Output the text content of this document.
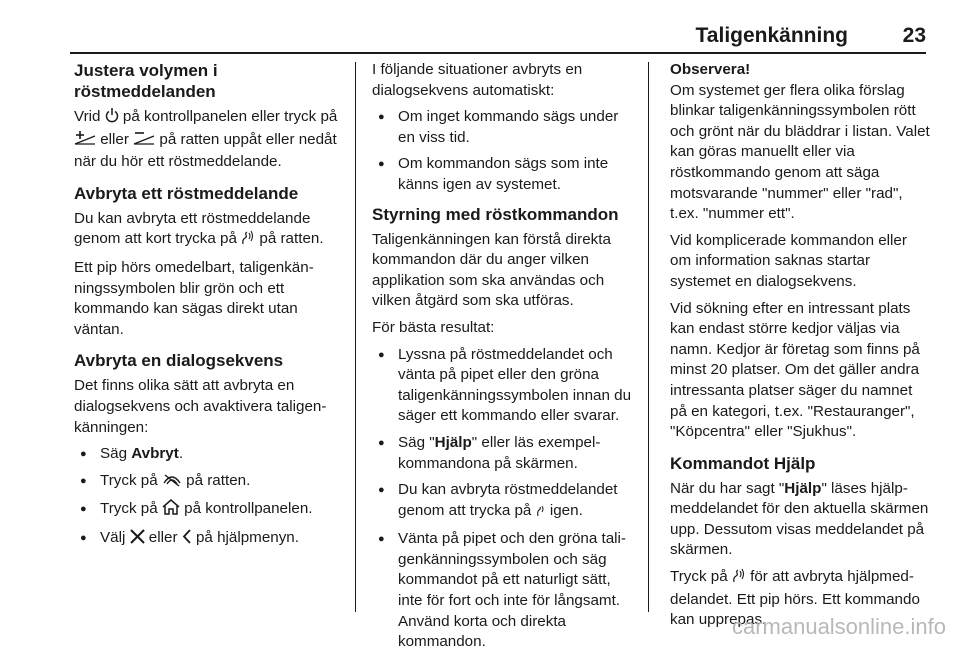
Taligenkänning	23
Justera volymen i röstmeddelanden

Vrid på kontrollpanelen eller tryck på  eller på ratten uppåt eller nedåt när du hör ett röstmeddelande.

Avbryta ett röstmeddelande

Du kan avbryta ett röstmeddelande genom att kort trycka på på ratten.

Ett pip hörs omedelbart, taligenkänningssymbolen blir grön och ett kommando kan sägas direkt utan väntan.

Avbryta en dialogsekvens

Det finns olika sätt att avbryta en dialogsekvens och avaktivera taligenkänningen:

● Säg Avbryt.
● Tryck på på ratten.
● Tryck på på kontrollpanelen.
● Välj eller på hjälpmenyn.

I följande situationer avbryts en dialogsekvens automatiskt:

● Om inget kommando sägs under en viss tid.
● Om kommandon sägs som inte känns igen av systemet.
Styrning med röstkommandon

Taligenkänningen kan förstå direkta kommandon där du anger vilken applikation som ska användas och vilken åtgärd som ska utföras.

För bästa resultat:

● Lyssna på röstmeddelandet och vänta på pipet eller den gröna taligenkänningssymbolen innan du säger ett kommando eller svarar.
● Säg "Hjälp" eller läs exempelkommandona på skärmen.
● Du kan avbryta röstmeddelandet genom att trycka på igen.
● Vänta på pipet och den gröna taligenkänningssymbolen och säg kommandot på ett naturligt sätt, inte för fort och inte för långsamt. Använd korta och direkta kommandon.

Observera!
Om systemet ger flera olika förslag blinkar taligenkänningssymbolen rött och grönt när du bläddrar i listan. Valet kan göras manuellt eller via röstkommando genom att säga motsvarande "nummer" eller "rad", t.ex. "nummer ett".

Vid komplicerade kommandon eller om information saknas startar systemet en dialogsekvens.

Vid sökning efter en intressant plats kan endast större kedjor väljas via namn. Kedjor är företag som finns på minst 20 platser. Om det gäller andra intressanta platser säger du namnet på en kategori, t.ex. "Restauranger", "Köpcentra" eller "Sjukhus".

Kommandot Hjälp

När du har sagt "Hjälp" läses hjälpmeddelandet för den aktuella skärmen upp. Dessutom visas meddelandet på skärmen.

Tryck på för att avbryta hjälpmeddelandet. Ett pip hörs. Ett kommando kan upprepas.

carmanualsonline.info
